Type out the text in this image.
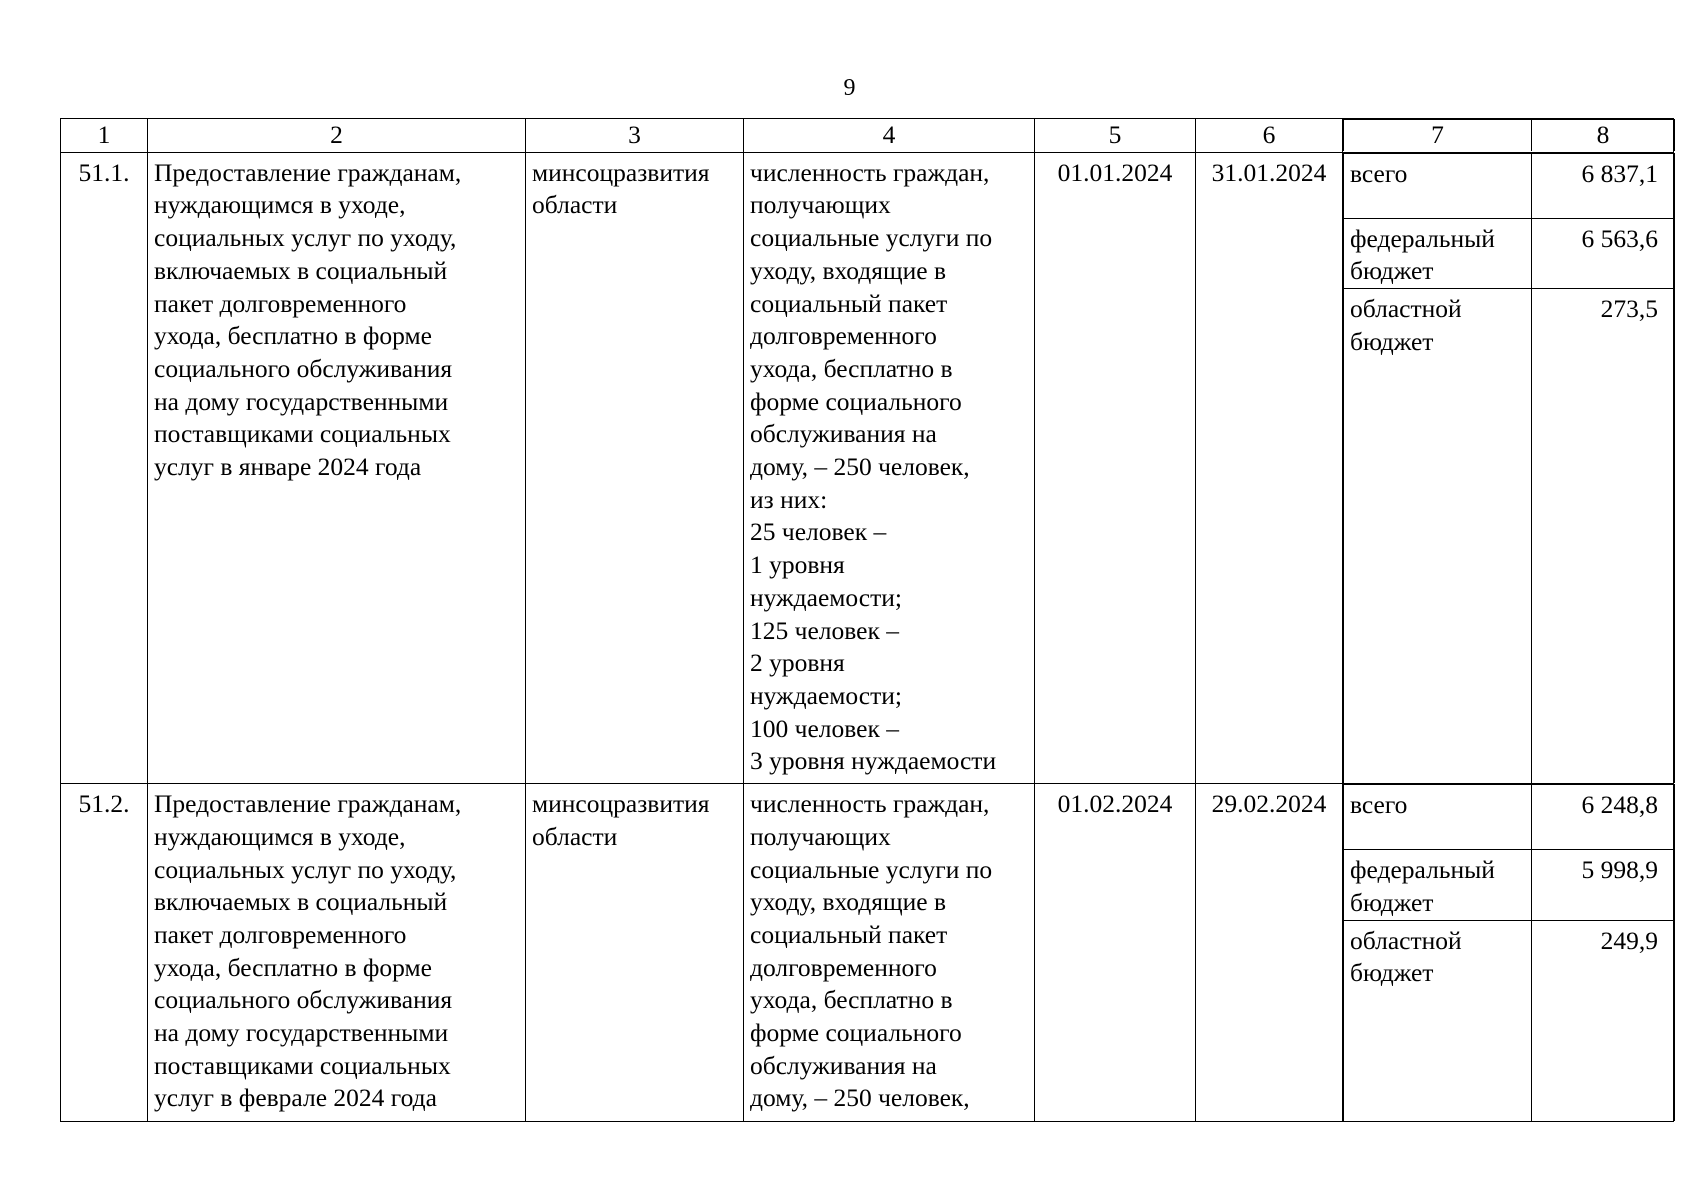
9
1	2	3	4	5	6		7	8

51.1.	Предоставление гражданам,
нуждающимся в уходе,
социальных услуг по уходу,
включаемых в социальный
пакет долговременного
ухода, бесплатно в форме
социального обслуживания
на дому государственными
поставщиками социальных
услуг в январе 2024 года	минсоцразвития
области	численность граждан,
получающих
социальные услуги по
уходу, входящие в
социальный пакет
долговременного
ухода, бесплатно в
форме социального
обслуживания на
дому, – 250 человек,
из них:
25 человек –
1 уровня
нуждаемости;
125 человек –
2 уровня
нуждаемости;
100 человек –
3 уровня нуждаемости	01.01.2024	31.01.2024	всего	6 837,1
федеральный
бюджет	6 563,6
областной
бюджет	273,5

51.2.	Предоставление гражданам,
нуждающимся в уходе,
социальных услуг по уходу,
включаемых в социальный
пакет долговременного
ухода, бесплатно в форме
социального обслуживания
на дому государственными
поставщиками социальных
услуг в феврале 2024 года	минсоцразвития
области	численность граждан,
получающих
социальные услуги по
уходу, входящие в
социальный пакет
долговременного
ухода, бесплатно в
форме социального
обслуживания на
дому, – 250 человек,	01.02.2024	29.02.2024	всего	6 248,8
федеральный
бюджет	5 998,9
областной
бюджет	249,9
